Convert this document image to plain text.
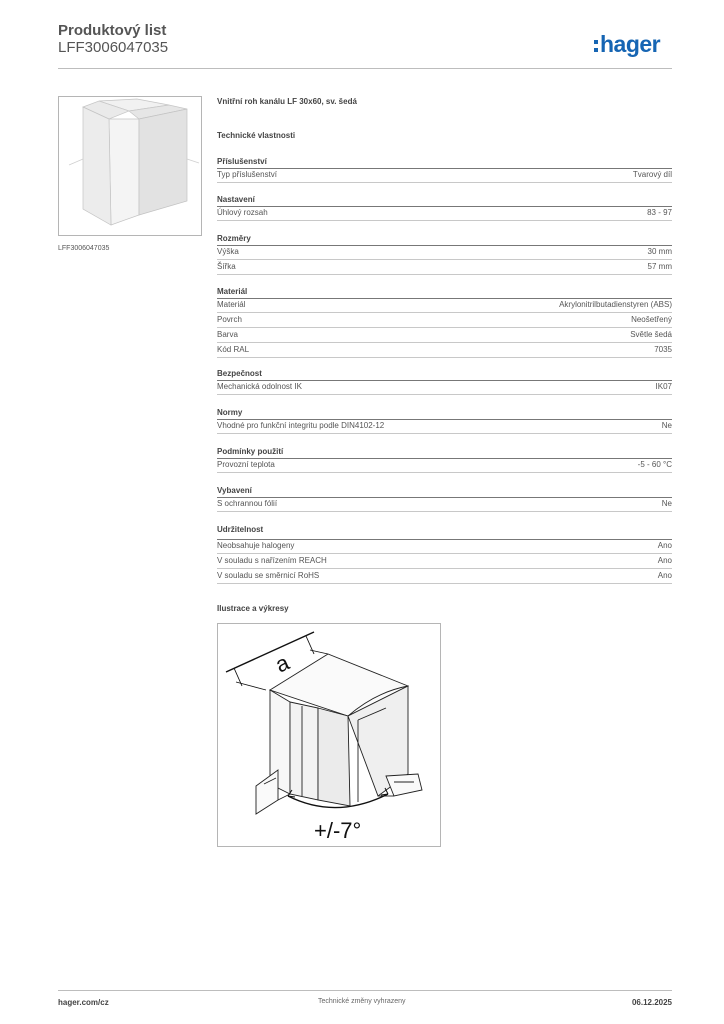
Produktový list
LFF3006047035	hager
LFF3006047035
Vnitřní roh kanálu LF 30x60, sv. šedá
Technické vlastnosti
Příslušenství
Typ příslušenství	Tvarový díl
Nastavení
Úhlový rozsah	83 - 97
Rozměry
Výška	30 mm
Šířka	57 mm
Materiál
Materiál	Akrylonitrilbutadienstyren (ABS)
Povrch	Neošetřený
Barva	Světle šedá
Kód RAL	7035
Bezpečnost
Mechanická odolnost IK	IK07
Normy
Vhodné pro funkční integritu podle DIN4102-12	Ne
Podmínky použití
Provozní teplota	-5 - 60 °C
Vybavení
S ochrannou fólií	Ne
Udržitelnost
Neobsahuje halogeny	Ano
V souladu s nařízením REACH	Ano
V souladu se směrnicí RoHS	Ano
Ilustrace a výkresy
a
+/-7°
hager.com/cz	Technické změny vyhrazeny	06.12.2025
